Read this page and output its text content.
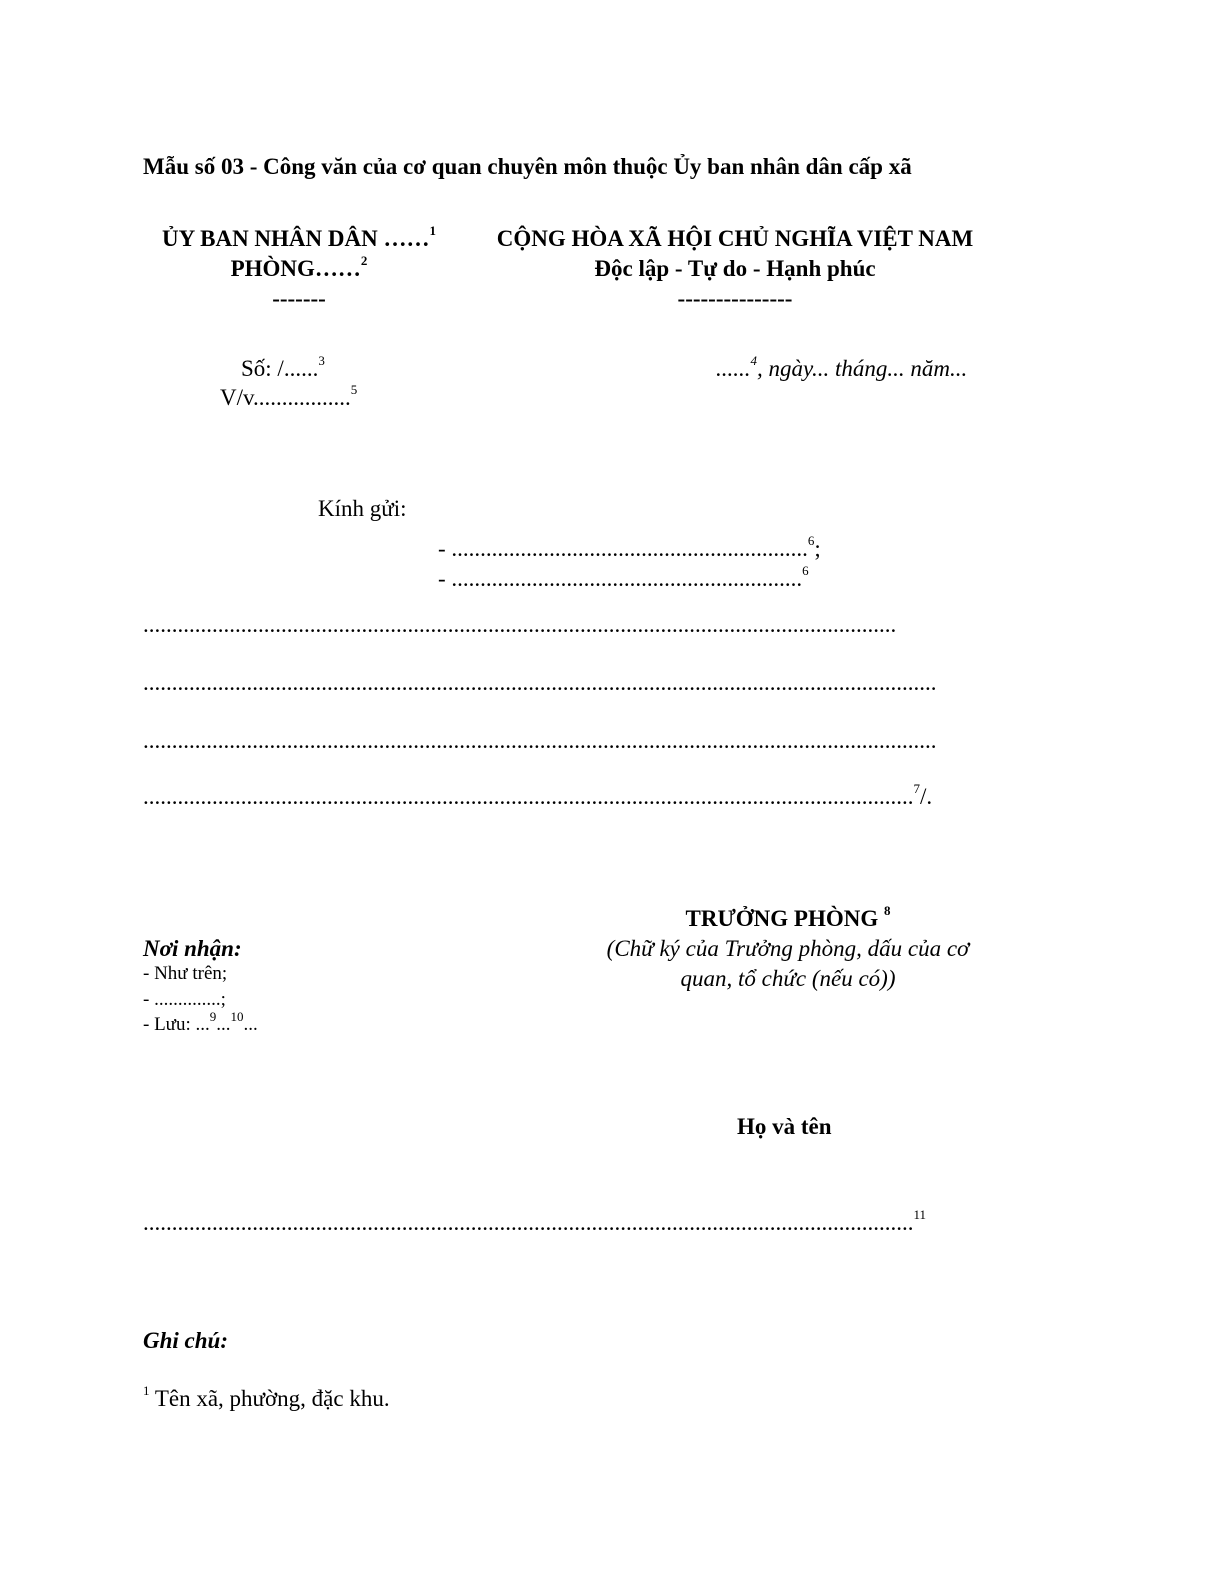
Mẫu số 03 - Công văn của cơ quan chuyên môn thuộc Ủy ban nhân dân cấp xã
ỦY BAN NHÂN DÂN ……$^1$
PHÒNG……$^2$
-------
CỘNG HÒA XÃ HỘI CHỦ NGHĨA VIỆT NAM
Độc lập - Tự do - Hạnh phúc
---------------
Số: /......$^3$
V/v.................$^5$
......$^4$, ngày... tháng... năm...
Kính gửi:
- ..............................................................$^6$;
- .............................................................$^6$
...................................................................................................................................
..........................................................................................................................................
..........................................................................................................................................
......................................................................................................................................$^7$/.
TRƯỞNG PHÒNG $^8$
(Chữ ký của Trưởng phòng, dấu của cơ quan, tổ chức (nếu có))
Nơi nhận:
- Như trên;
- ..............;
- Lưu: ...$^9$...$^{10}$...
Họ và tên
......................................................................................................................................$^{11}$
Ghi chú:
$^1$ Tên xã, phường, đặc khu.
